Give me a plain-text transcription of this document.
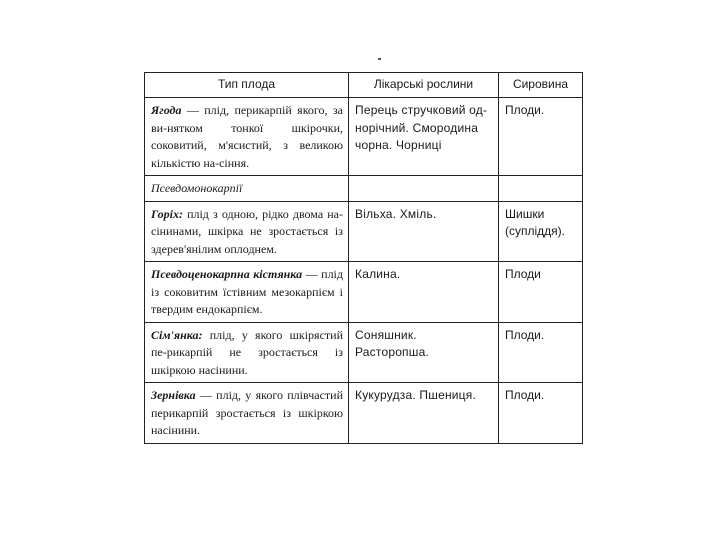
Тип плода	Лікарські рослини	Сировина
Ягода — плід, перикарпій якого, за ви-нятком тонкої шкірочки, соковитий, м'ясистий, з великою кількістю на-сіння.	Перець стручковий од-норічний. Смородина чорна. Чорниці	Плоди.
Псевдомонокарпії		
Горіх: плід з одною, рідко двома на-сінинами, шкірка не зростається із здерев'янілим оплоднем.	Вільха. Хміль.	Шишки (супліддя).
Псевдоценокарпна кістянка — плід із соковитим їстівним мезокарпієм і твердим ендокарпієм.	Калина.	Плоди
Сім'янка: плід, у якого шкірястий пе-рикарпій не зростається із шкіркою насінини.	Соняшник. Расторопша.	Плоди.
Зернівка — плід, у якого плівчастий перикарпій зростається із шкіркою насінини.	Кукурудза. Пшениця.	Плоди.
